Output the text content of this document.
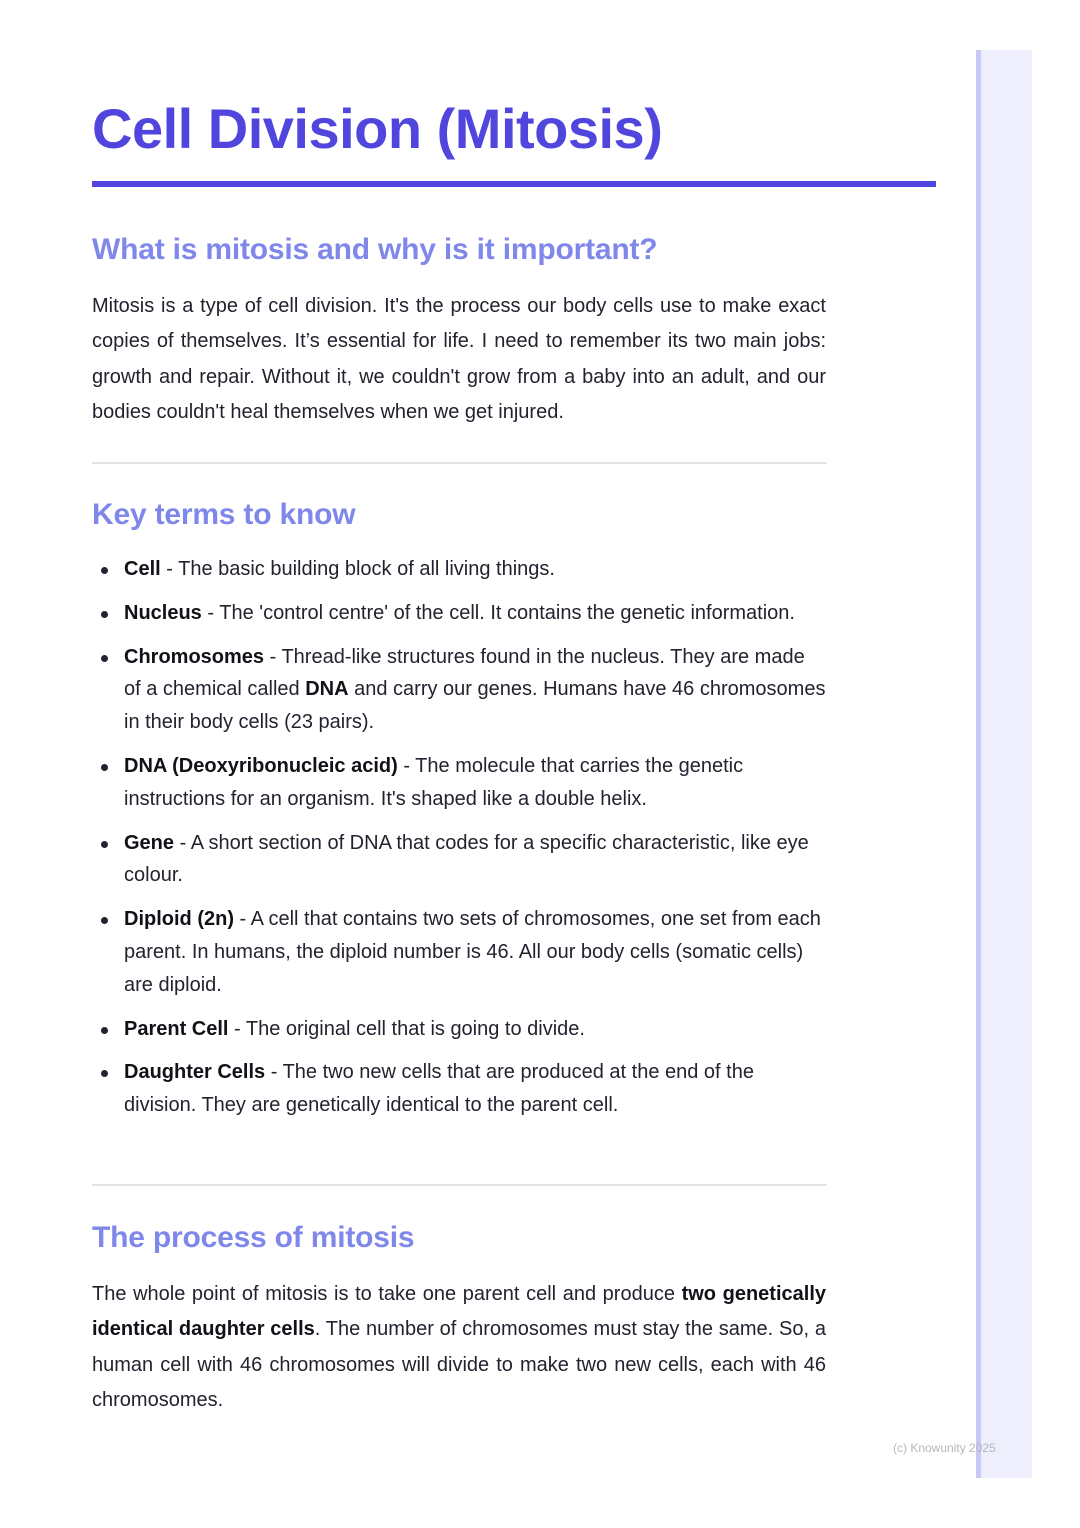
Cell Division (Mitosis)
What is mitosis and why is it important?

Mitosis is a type of cell division. It's the process our body cells use to make exact copies of themselves. It’s essential for life. I need to remember its two main jobs: growth and repair. Without it, we couldn't grow from a baby into an adult, and our bodies couldn't heal themselves when we get injured.

Key terms to know
Cell - The basic building block of all living things.
Nucleus - The 'control centre' of the cell. It contains the genetic information.
Chromosomes - Thread-like structures found in the nucleus. They are made of a chemical called DNA and carry our genes. Humans have 46 chromosomes in their body cells (23 pairs).
DNA (Deoxyribonucleic acid) - The molecule that carries the genetic instructions for an organism. It's shaped like a double helix.
Gene - A short section of DNA that codes for a specific characteristic, like eye colour.
Diploid (2n) - A cell that contains two sets of chromosomes, one set from each parent. In humans, the diploid number is 46. All our body cells (somatic cells) are diploid.
Parent Cell - The original cell that is going to divide.
Daughter Cells - The two new cells that are produced at the end of the division. They are genetically identical to the parent cell.
The process of mitosis

The whole point of mitosis is to take one parent cell and produce two genetically identical daughter cells. The number of chromosomes must stay the same. So, a human cell with 46 chromosomes will divide to make two new cells, each with 46 chromosomes.

(c) Knowunity 2025
